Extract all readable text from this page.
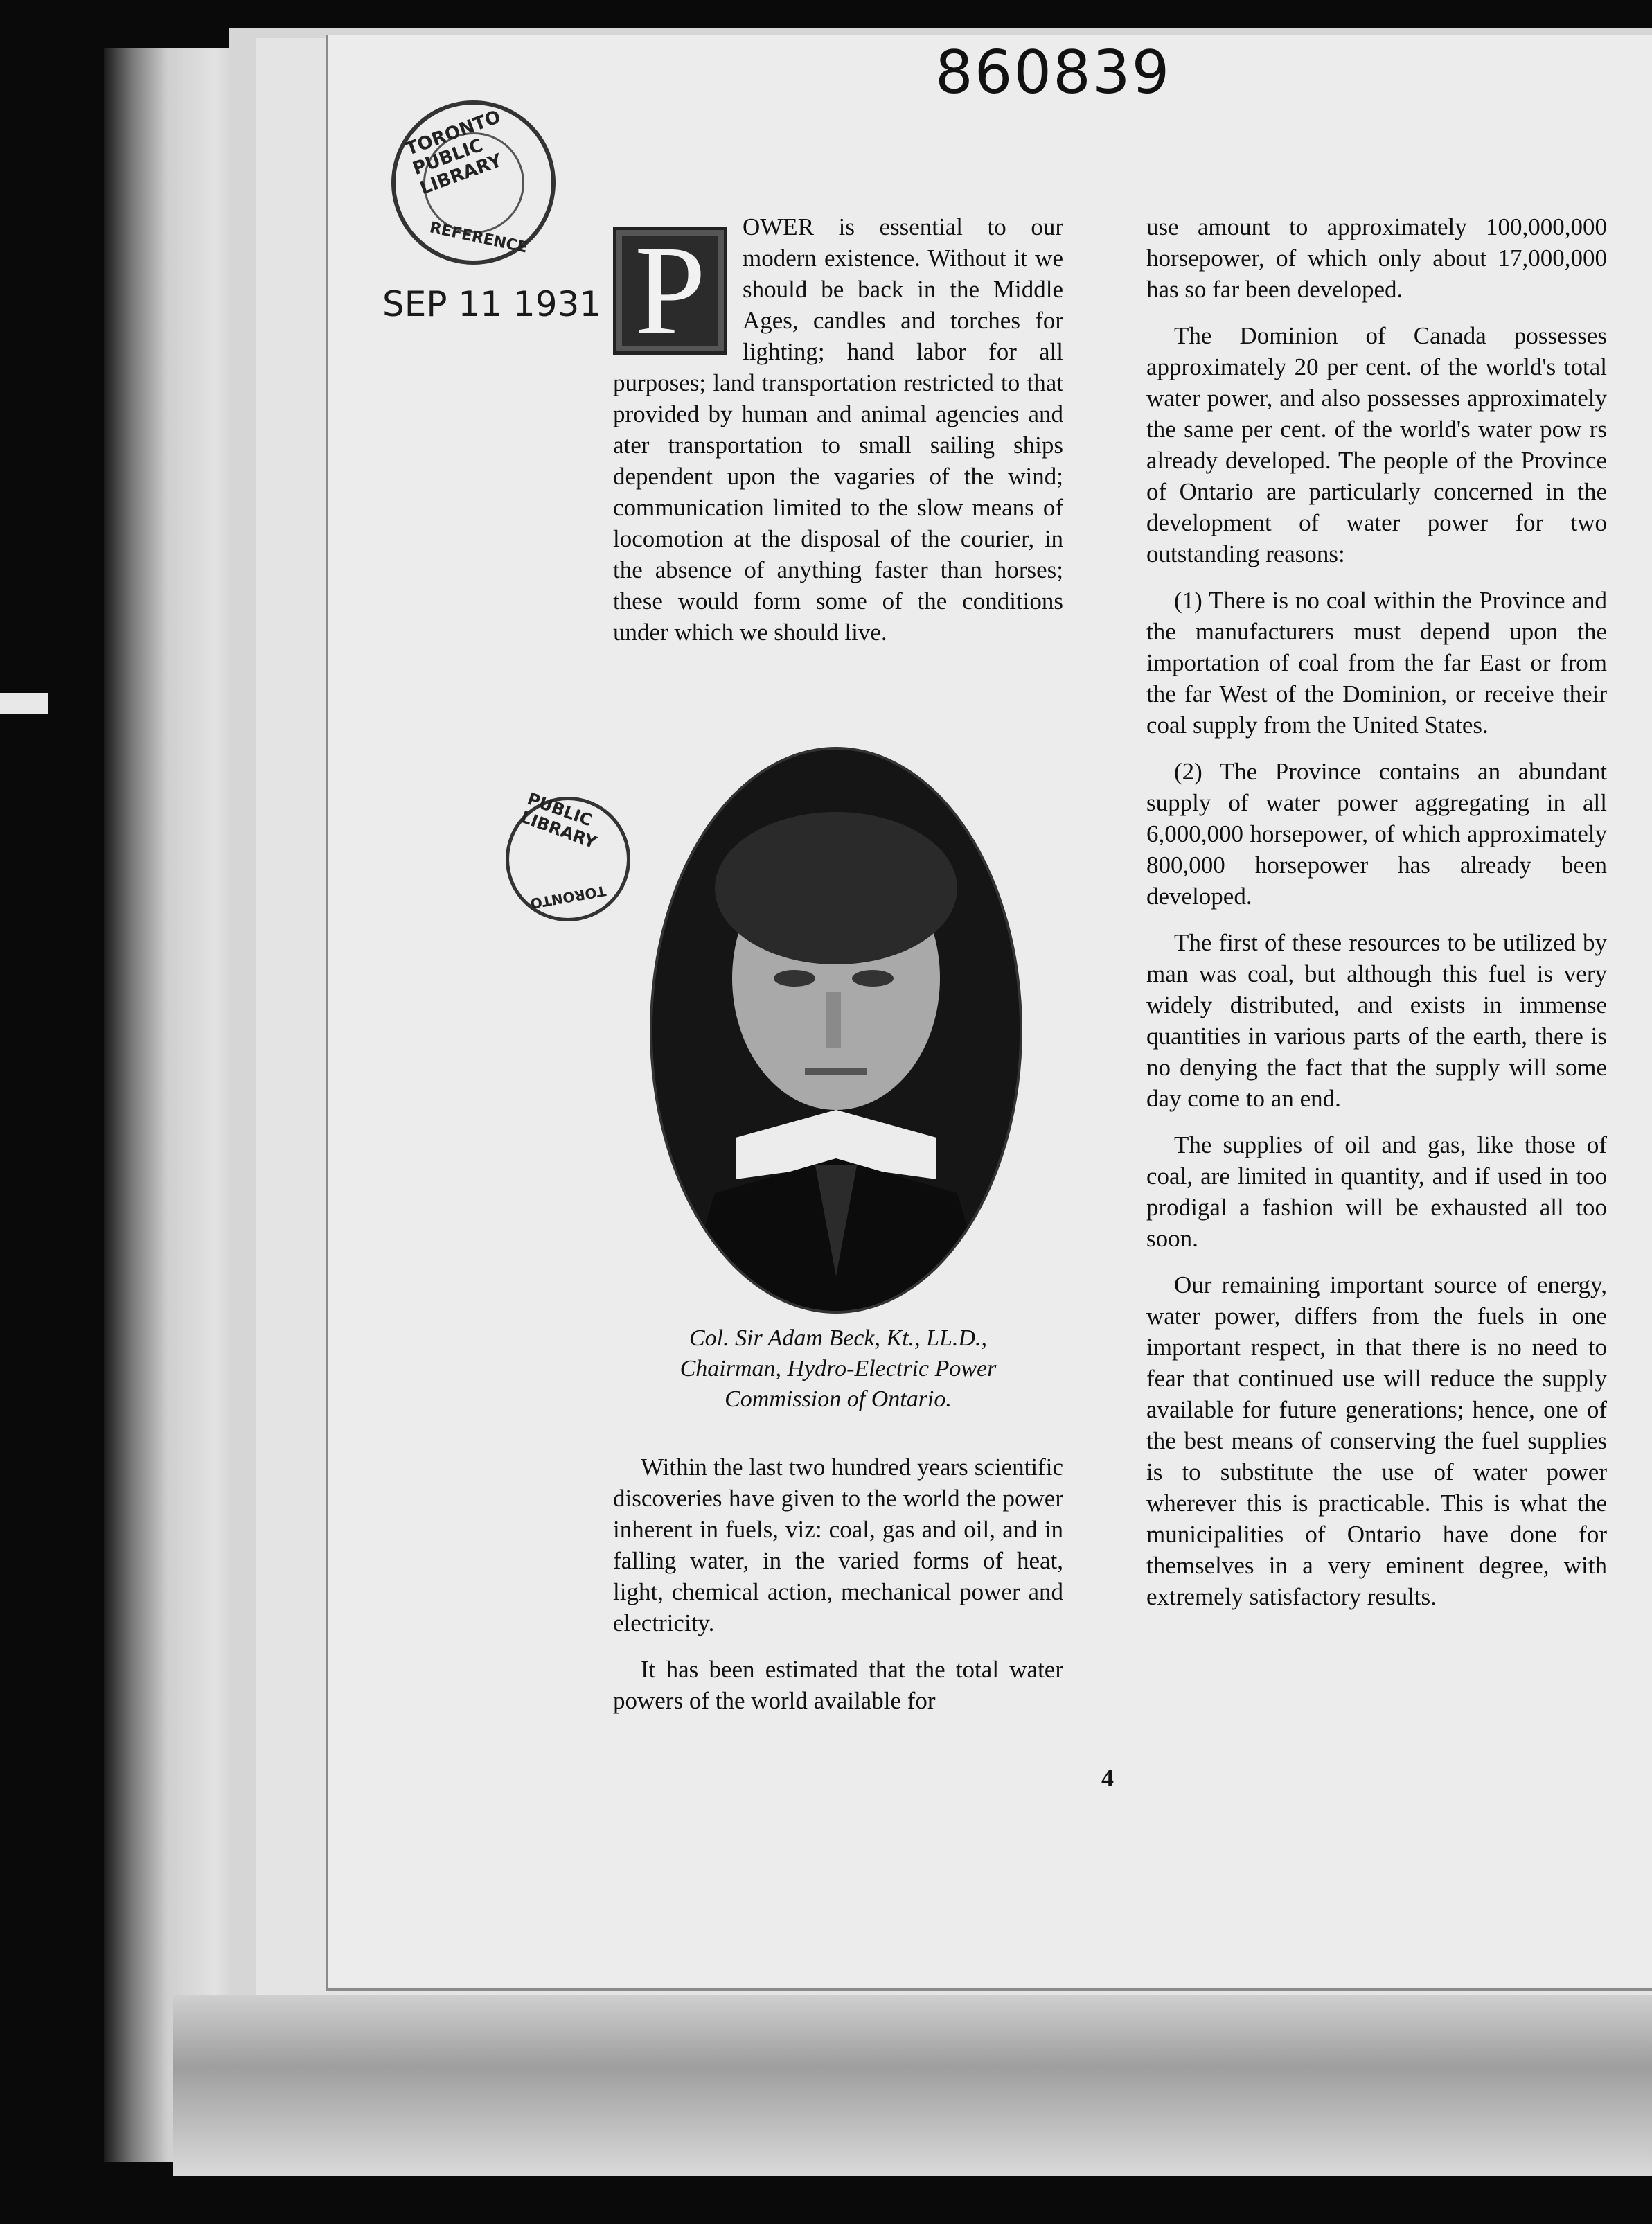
860839
TORONTO PUBLIC LIBRARY
REFERENCE
SEP 11 1931
PUBLIC LIBRARY
TORONTO
P	OWER is essential to our modern existence. Without it we should be back in the Middle Ages, candles and torches for lighting; hand labor for all purposes; land transportation restricted to that provided by human and animal agencies and ater transportation to small sailing ships dependent upon the vagaries of the wind; communication limited to the slow means of locomotion at the disposal of the courier, in the absence of anything faster than horses; these would form some of the conditions under which we should live.

Col. Sir Adam Beck, Kt., LL.D.,
Chairman, Hydro-Electric Power
Commission of Ontario.

Within the last two hundred years scientific discoveries have given to the world the power inherent in fuels, viz: coal, gas and oil, and in falling water, in the varied forms of heat, light, chemical action, mechanical power and electricity.

It has been estimated that the total water powers of the world available for

use amount to approximately 100,000,000 horsepower, of which only about 17,000,000 has so far been developed.

The Dominion of Canada possesses approximately 20 per cent. of the world's total water power, and also possesses approximately the same per cent. of the world's water pow rs already developed. The people of the Province of Ontario are particularly concerned in the development of water power for two outstanding reasons:

(1) There is no coal within the Province and the manufacturers must depend upon the importation of coal from the far East or from the far West of the Dominion, or receive their coal supply from the United States.

(2) The Province contains an abundant supply of water power aggregating in all 6,000,000 horsepower, of which approximately 800,000 horsepower has already been developed.

The first of these resources to be utilized by man was coal, but although this fuel is very widely distributed, and exists in immense quantities in various parts of the earth, there is no denying the fact that the supply will some day come to an end.

The supplies of oil and gas, like those of coal, are limited in quantity, and if used in too prodigal a fashion will be exhausted all too soon.

Our remaining important source of energy, water power, differs from the fuels in one important respect, in that there is no need to fear that continued use will reduce the supply available for future generations; hence, one of the best means of conserving the fuel supplies is to substitute the use of water power wherever this is practicable. This is what the municipalities of Ontario have done for themselves in a very eminent degree, with extremely satisfactory results.

4
